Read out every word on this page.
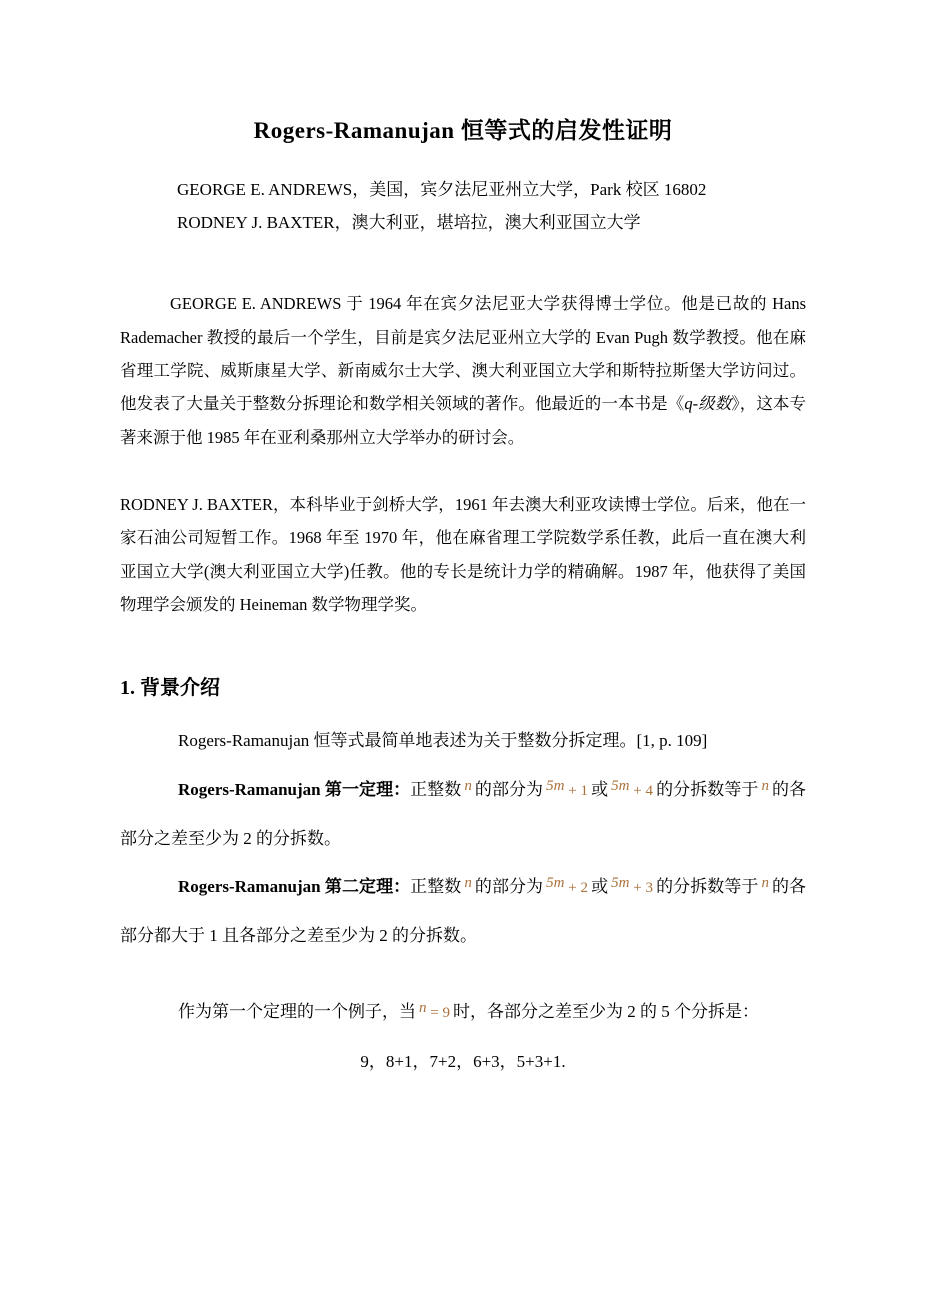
Rogers-Ramanujan 恒等式的启发性证明

GEORGE E. ANDREWS，美国，宾夕法尼亚州立大学，Park 校区 16802

RODNEY J. BAXTER，澳大利亚，堪培拉，澳大利亚国立大学

GEORGE E. ANDREWS 于 1964 年在宾夕法尼亚大学获得博士学位。他是已故的 Hans Rademacher 教授的最后一个学生，目前是宾夕法尼亚州立大学的 Evan Pugh 数学教授。他在麻省理工学院、威斯康星大学、新南威尔士大学、澳大利亚国立大学和斯特拉斯堡大学访问过。他发表了大量关于整数分拆理论和数学相关领域的著作。他最近的一本书是《q-级数》，这本专著来源于他 1985 年在亚利桑那州立大学举办的研讨会。

RODNEY J. BAXTER，本科毕业于剑桥大学，1961 年去澳大利亚攻读博士学位。后来，他在一家石油公司短暂工作。1968 年至 1970 年，他在麻省理工学院数学系任教，此后一直在澳大利亚国立大学(澳大利亚国立大学)任教。他的专长是统计力学的精确解。1987 年，他获得了美国物理学会颁发的 Heineman 数学物理学奖。

1. 背景介绍

Rogers-Ramanujan 恒等式最简单地表述为关于整数分拆定理。[1, p. 109]

Rogers-Ramanujan 第一定理：正整数 n 的部分为 5m + 1 或 5m + 4 的分拆数等于 n 的各部分之差至少为 2 的分拆数。

Rogers-Ramanujan 第二定理：正整数 n 的部分为 5m + 2 或 5m + 3 的分拆数等于 n 的各部分都大于 1 且各部分之差至少为 2 的分拆数。

作为第一个定理的一个例子，当 n = 9 时，各部分之差至少为 2 的 5 个分拆是：

9，8+1，7+2，6+3，5+3+1.
